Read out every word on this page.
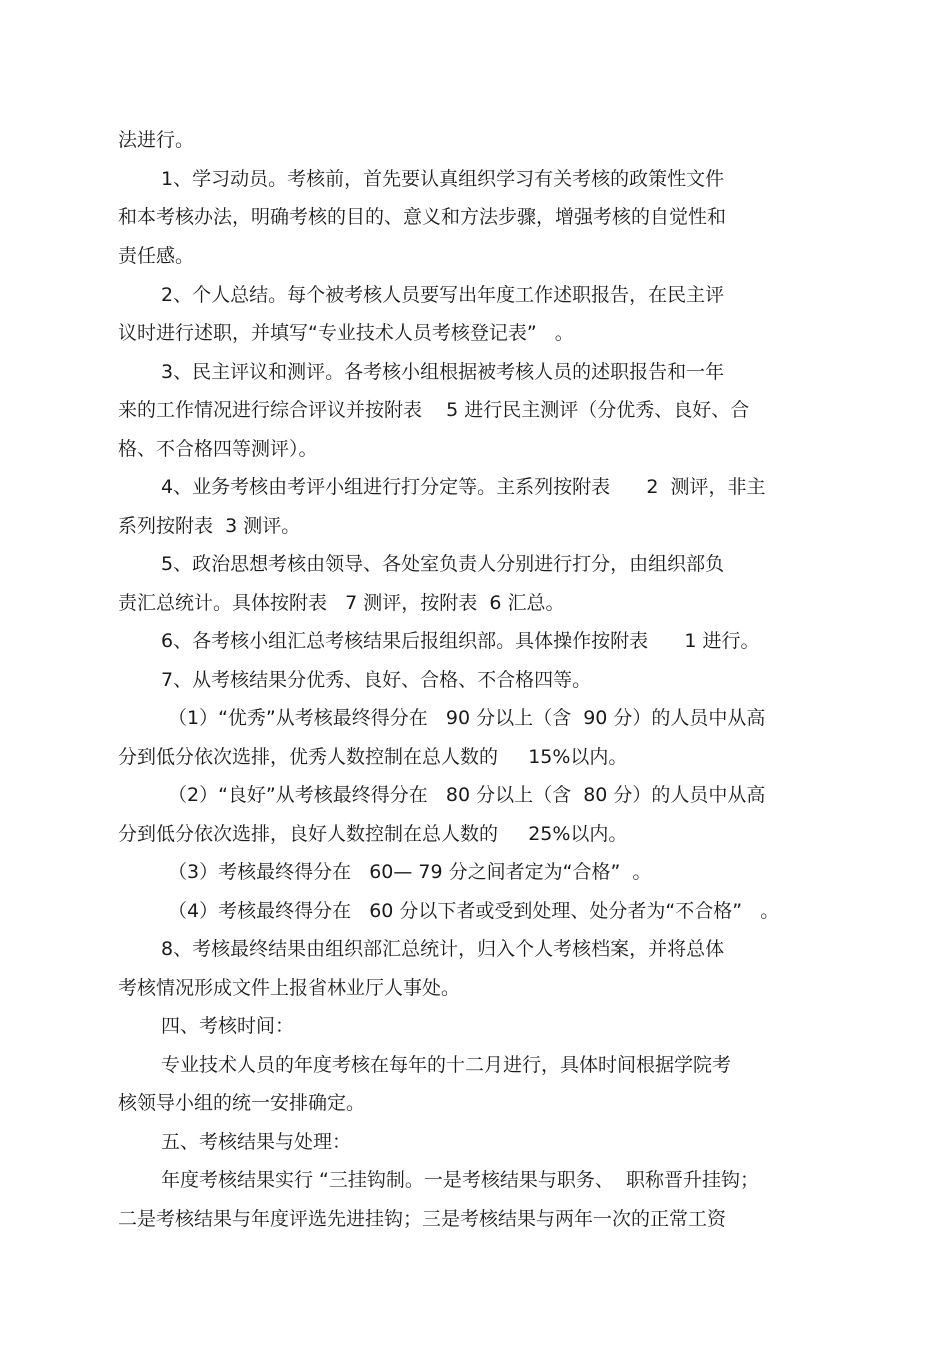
法进行。
1、学习动员。考核前，首先要认真组织学习有关考核的政策性文件
和本考核办法，明确考核的目的、意义和方法步骤，增强考核的自觉性和
责任感。
2、个人总结。每个被考核人员要写出年度工作述职报告，在民主评
议时进行述职，并填写“专业技术人员考核登记表”   。
3、民主评议和测评。各考核小组根据被考核人员的述职报告和一年
来的工作情况进行综合评议并按附表    5 进行民主测评（分优秀、良好、合
格、不合格四等测评）。
4、业务考核由考评小组进行打分定等。主系列按附表      2  测评，非主
系列按附表  3 测评。
5、政治思想考核由领导、各处室负责人分别进行打分，由组织部负
责汇总统计。具体按附表   7 测评，按附表  6 汇总。
6、各考核小组汇总考核结果后报组织部。具体操作按附表      1 进行。
7、从考核结果分优秀、良好、合格、不合格四等。
（1）“优秀”从考核最终得分在   90 分以上（含  90 分）的人员中从高
分到低分依次选排，优秀人数控制在总人数的     15%以内。
（2）“良好”从考核最终得分在   80 分以上（含  80 分）的人员中从高
分到低分依次选排，良好人数控制在总人数的     25%以内。
（3）考核最终得分在   60— 79 分之间者定为“合格”  。
（4）考核最终得分在   60 分以下者或受到处理、处分者为“不合格”   。
8、考核最终结果由组织部汇总统计，归入个人考核档案，并将总体
考核情况形成文件上报省林业厅人事处。
四、考核时间：
专业技术人员的年度考核在每年的十二月进行，具体时间根据学院考
核领导小组的统一安排确定。
五、考核结果与处理：
年度考核结果实行 “三挂钩制。一是考核结果与职务、  职称晋升挂钩；
二是考核结果与年度评选先进挂钩；三是考核结果与两年一次的正常工资
